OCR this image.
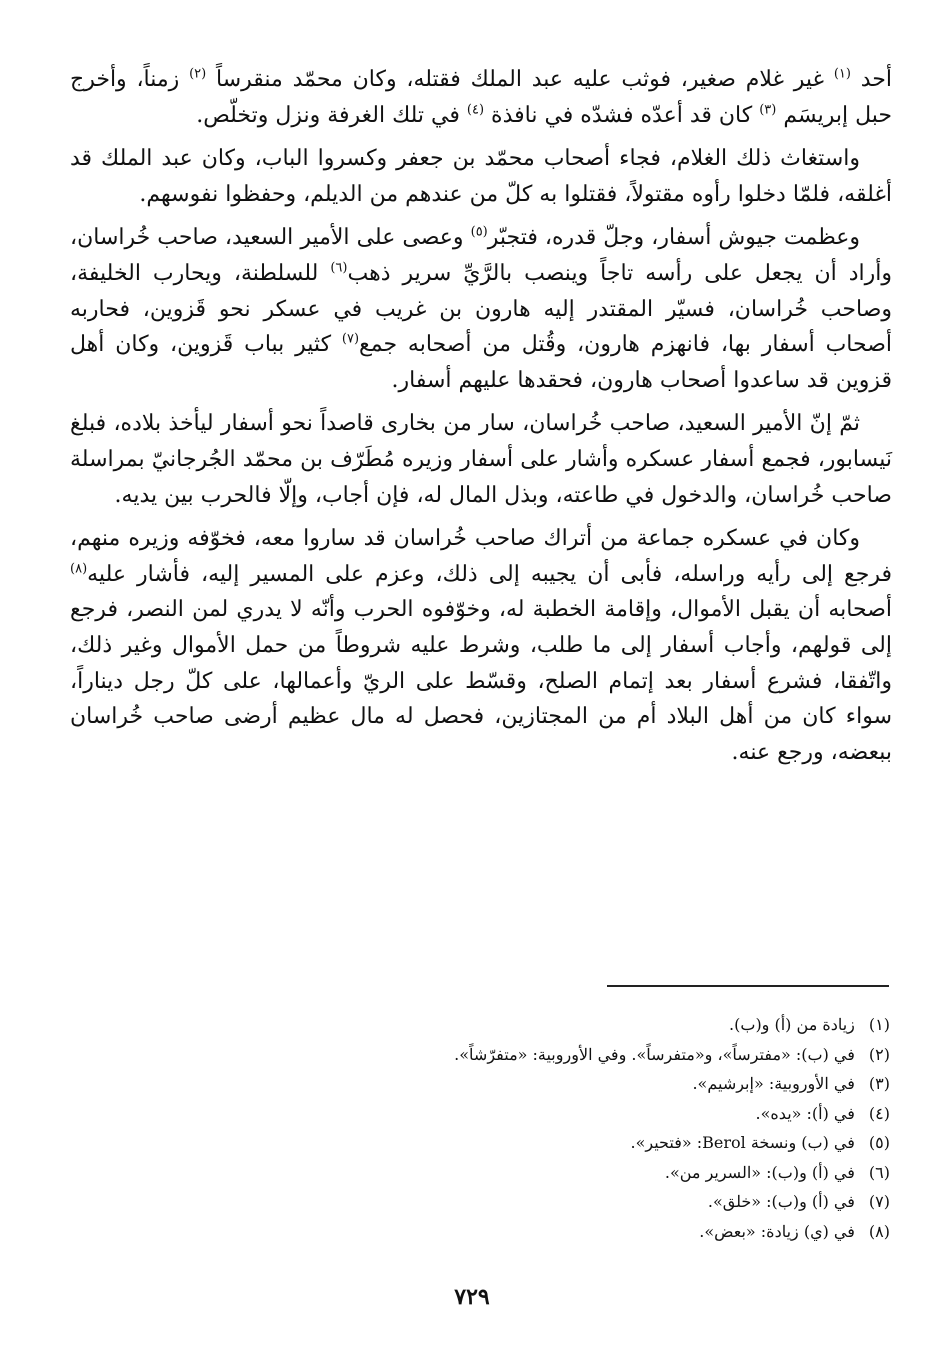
أحد $^{(١)}$ غير غلام صغير، فوثب عليه عبد الملك فقتله، وكان محمّد منقرساً $^{(٢)}$ زمناً، وأخرج حبل إبريسَم $^{(٣)}$ كان قد أعدّه فشدّه في نافذة $^{(٤)}$ في تلك الغرفة ونزل وتخلّص.

واستغاث ذلك الغلام، فجاء أصحاب محمّد بن جعفر وكسروا الباب، وكان عبد الملك قد أغلقه، فلمّا دخلوا رأوه مقتولاً، فقتلوا به كلّ من عندهم من الديلم، وحفظوا نفوسهم.

وعظمت جيوش أسفار، وجلّ قدره، فتجبّر$^{(٥)}$ وعصى على الأمير السعيد، صاحب خُراسان، وأراد أن يجعل على رأسه تاجاً وينصب بالرَّيِّ سرير ذهب$^{(٦)}$ للسلطنة، ويحارب الخليفة، وصاحب خُراسان، فسيّر المقتدر إليه هارون بن غريب في عسكر نحو قَزوين، فحاربه أصحاب أسفار بها، فانهزم هارون، وقُتل من أصحابه جمع$^{(٧)}$ كثير بباب قَزوين، وكان أهل قزوين قد ساعدوا أصحاب هارون، فحقدها عليهم أسفار.

ثمّ إنّ الأمير السعيد، صاحب خُراسان، سار من بخارى قاصداً نحو أسفار ليأخذ بلاده، فبلغ نَيسابور، فجمع أسفار عسكره وأشار على أسفار وزيره مُطَرّف بن محمّد الجُرجانيّ بمراسلة صاحب خُراسان، والدخول في طاعته، وبذل المال له، فإن أجاب، وإلّا فالحرب بين يديه.

وكان في عسكره جماعة من أتراك صاحب خُراسان قد ساروا معه، فخوّفه وزيره منهم، فرجع إلى رأيه وراسله، فأبى أن يجيبه إلى ذلك، وعزم على المسير إليه، فأشار عليه$^{(٨)}$ أصحابه أن يقبل الأموال، وإقامة الخطبة له، وخوّفوه الحرب وأنّه لا يدري لمن النصر، فرجع إلى قولهم، وأجاب أسفار إلى ما طلب، وشرط عليه شروطاً من حمل الأموال وغير ذلك، واتّفقا، فشرع أسفار بعد إتمام الصلح، وقسّط على الريّ وأعمالها، على كلّ رجل ديناراً، سواء كان من أهل البلاد أم من المجتازين، فحصل له مال عظيم أرضى صاحب خُراسان ببعضه، ورجع عنه.

(١) زيادة من (أ) و(ب).
(٢) في (ب): «مفترساً»، و«متفرساً». وفي الأوروبية: «متفرّشاً».
(٣) في الأوروبية: «إبرشيم».
(٤) في (أ): «يده».
(٥) في (ب) ونسخة Berol: «فتحير».
(٦) في (أ) و(ب): «السرير من».
(٧) في (أ) و(ب): «خلق».
(٨) في (ي) زيادة: «بعض».
٧٢٩
